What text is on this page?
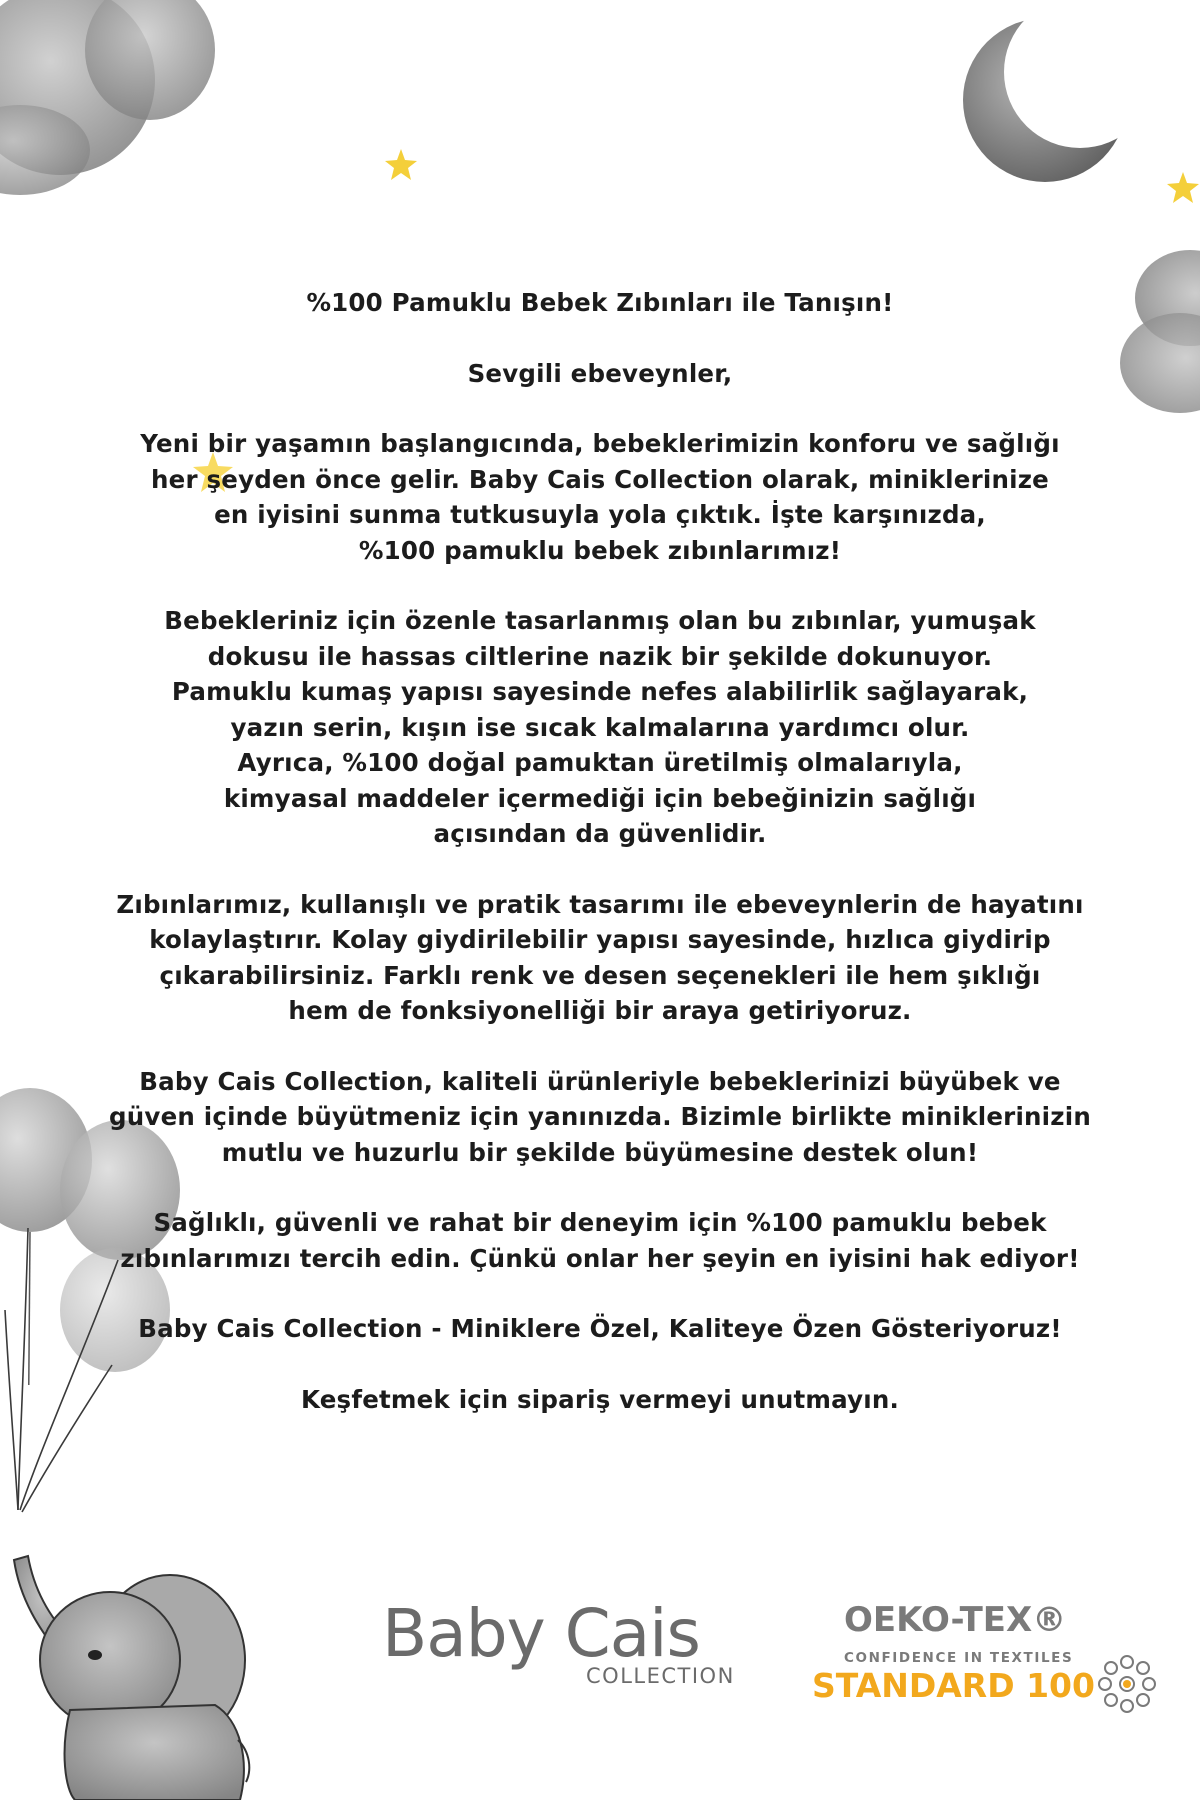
%100 Pamuklu Bebek Zıbınları ile Tanışın!

Sevgili ebeveynler,

Yeni bir yaşamın başlangıcında, bebeklerimizin konforu ve sağlığı
her şeyden önce gelir. Baby Cais Collection olarak, miniklerinize
en iyisini sunma tutkusuyla yola çıktık. İşte karşınızda,
%100 pamuklu bebek zıbınlarımız!

Bebekleriniz için özenle tasarlanmış olan bu zıbınlar, yumuşak
dokusu ile hassas ciltlerine nazik bir şekilde dokunuyor.
Pamuklu kumaş yapısı sayesinde nefes alabilirlik sağlayarak,
yazın serin, kışın ise sıcak kalmalarına yardımcı olur.
Ayrıca, %100 doğal pamuktan üretilmiş olmalarıyla,
kimyasal maddeler içermediği için bebeğinizin sağlığı
açısından da güvenlidir.

Zıbınlarımız, kullanışlı ve pratik tasarımı ile ebeveynlerin de hayatını
kolaylaştırır. Kolay giydirilebilir yapısı sayesinde, hızlıca giydirip
çıkarabilirsiniz. Farklı renk ve desen seçenekleri ile hem şıklığı
hem de fonksiyonelliği bir araya getiriyoruz.

Baby Cais Collection, kaliteli ürünleriyle bebeklerinizi büyübek ve
güven içinde büyütmeniz için yanınızda. Bizimle birlikte miniklerinizin
mutlu ve huzurlu bir şekilde büyümesine destek olun!

Sağlıklı, güvenli ve rahat bir deneyim için %100 pamuklu bebek
zıbınlarımızı tercih edin. Çünkü onlar her şeyin en iyisini hak ediyor!

Baby Cais Collection - Miniklere Özel, Kaliteye Özen Gösteriyoruz!

Keşfetmek için sipariş vermeyi unutmayın.

Baby Cais
COLLECTION
OEKO-TEX®
CONFIDENCE IN TEXTILES
STANDARD 100
